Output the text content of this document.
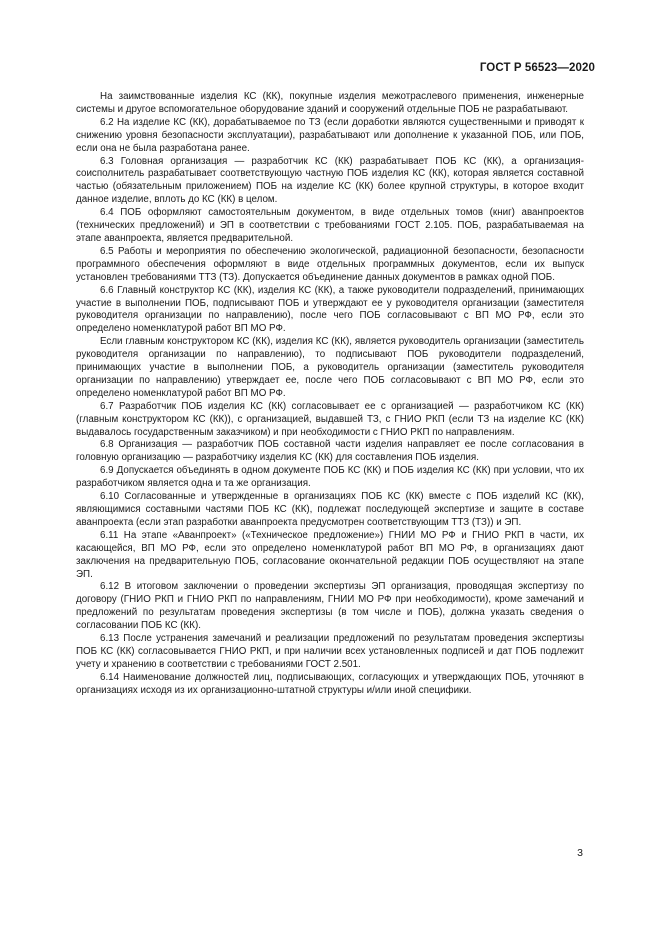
ГОСТ Р 56523—2020

На заимствованные изделия КС (КК), покупные изделия межотраслевого применения, инженерные системы и другое вспомогательное оборудование зданий и сооружений отдельные ПОБ не разрабатывают.

6.2 На изделие КС (КК), дорабатываемое по ТЗ (если доработки являются существенными и приводят к снижению уровня безопасности эксплуатации), разрабатывают или дополнение к указанной ПОБ, или ПОБ, если она не была разработана ранее.

6.3 Головная организация — разработчик КС (КК) разрабатывает ПОБ КС (КК), а организация-соисполнитель разрабатывает соответствующую частную ПОБ изделия КС (КК), которая является составной частью (обязательным приложением) ПОБ на изделие КС (КК) более крупной структуры, в которое входит данное изделие, вплоть до КС (КК) в целом.

6.4 ПОБ оформляют самостоятельным документом, в виде отдельных томов (книг) аванпроектов (технических предложений) и ЭП в соответствии с требованиями ГОСТ 2.105. ПОБ, разрабатываемая на этапе аванпроекта, является предварительной.

6.5 Работы и мероприятия по обеспечению экологической, радиационной безопасности, безопасности программного обеспечения оформляют в виде отдельных программных документов, если их выпуск установлен требованиями ТТЗ (ТЗ). Допускается объединение данных документов в рамках одной ПОБ.

6.6 Главный конструктор КС (КК), изделия КС (КК), а также руководители подразделений, принимающих участие в выполнении ПОБ, подписывают ПОБ и утверждают ее у руководителя организации (заместителя руководителя организации по направлению), после чего ПОБ согласовывают с ВП МО РФ, если это определено номенклатурой работ ВП МО РФ.

Если главным конструктором КС (КК), изделия КС (КК), является руководитель организации (заместитель руководителя организации по направлению), то подписывают ПОБ руководители подразделений, принимающих участие в выполнении ПОБ, а руководитель организации (заместитель руководителя организации по направлению) утверждает ее, после чего ПОБ согласовывают с ВП МО РФ, если это определено номенклатурой работ ВП МО РФ.

6.7 Разработчик ПОБ изделия КС (КК) согласовывает ее с организацией — разработчиком КС (КК) (главным конструктором КС (КК)), с организацией, выдавшей ТЗ, с ГНИО РКП (если ТЗ на изделие КС (КК) выдавалось государственным заказчиком) и при необходимости с ГНИО РКП по направлениям.

6.8 Организация — разработчик ПОБ составной части изделия направляет ее после согласования в головную организацию — разработчику изделия КС (КК) для составления ПОБ изделия.

6.9 Допускается объединять в одном документе ПОБ КС (КК) и ПОБ изделия КС (КК) при условии, что их разработчиком является одна и та же организация.

6.10 Согласованные и утвержденные в организациях ПОБ КС (КК) вместе с ПОБ изделий КС (КК), являющимися составными частями ПОБ КС (КК), подлежат последующей экспертизе и защите в составе аванпроекта (если этап разработки аванпроекта предусмотрен соответствующим ТТЗ (ТЗ)) и ЭП.

6.11 На этапе «Аванпроект» («Техническое предложение») ГНИИ МО РФ и ГНИО РКП в части, их касающейся, ВП МО РФ, если это определено номенклатурой работ ВП МО РФ, в организациях дают заключения на предварительную ПОБ, согласование окончательной редакции ПОБ осуществляют на этапе ЭП.

6.12 В итоговом заключении о проведении экспертизы ЭП организация, проводящая экспертизу по договору (ГНИО РКП и ГНИО РКП по направлениям, ГНИИ МО РФ при необходимости), кроме замечаний и предложений по результатам проведения экспертизы (в том числе и ПОБ), должна указать сведения о согласовании ПОБ КС (КК).

6.13 После устранения замечаний и реализации предложений по результатам проведения экспертизы ПОБ КС (КК) согласовывается ГНИО РКП, и при наличии всех установленных подписей и дат ПОБ подлежит учету и хранению в соответствии с требованиями ГОСТ 2.501.

6.14 Наименование должностей лиц, подписывающих, согласующих и утверждающих ПОБ, уточняют в организациях исходя из их организационно-штатной структуры и/или иной специфики.

3
